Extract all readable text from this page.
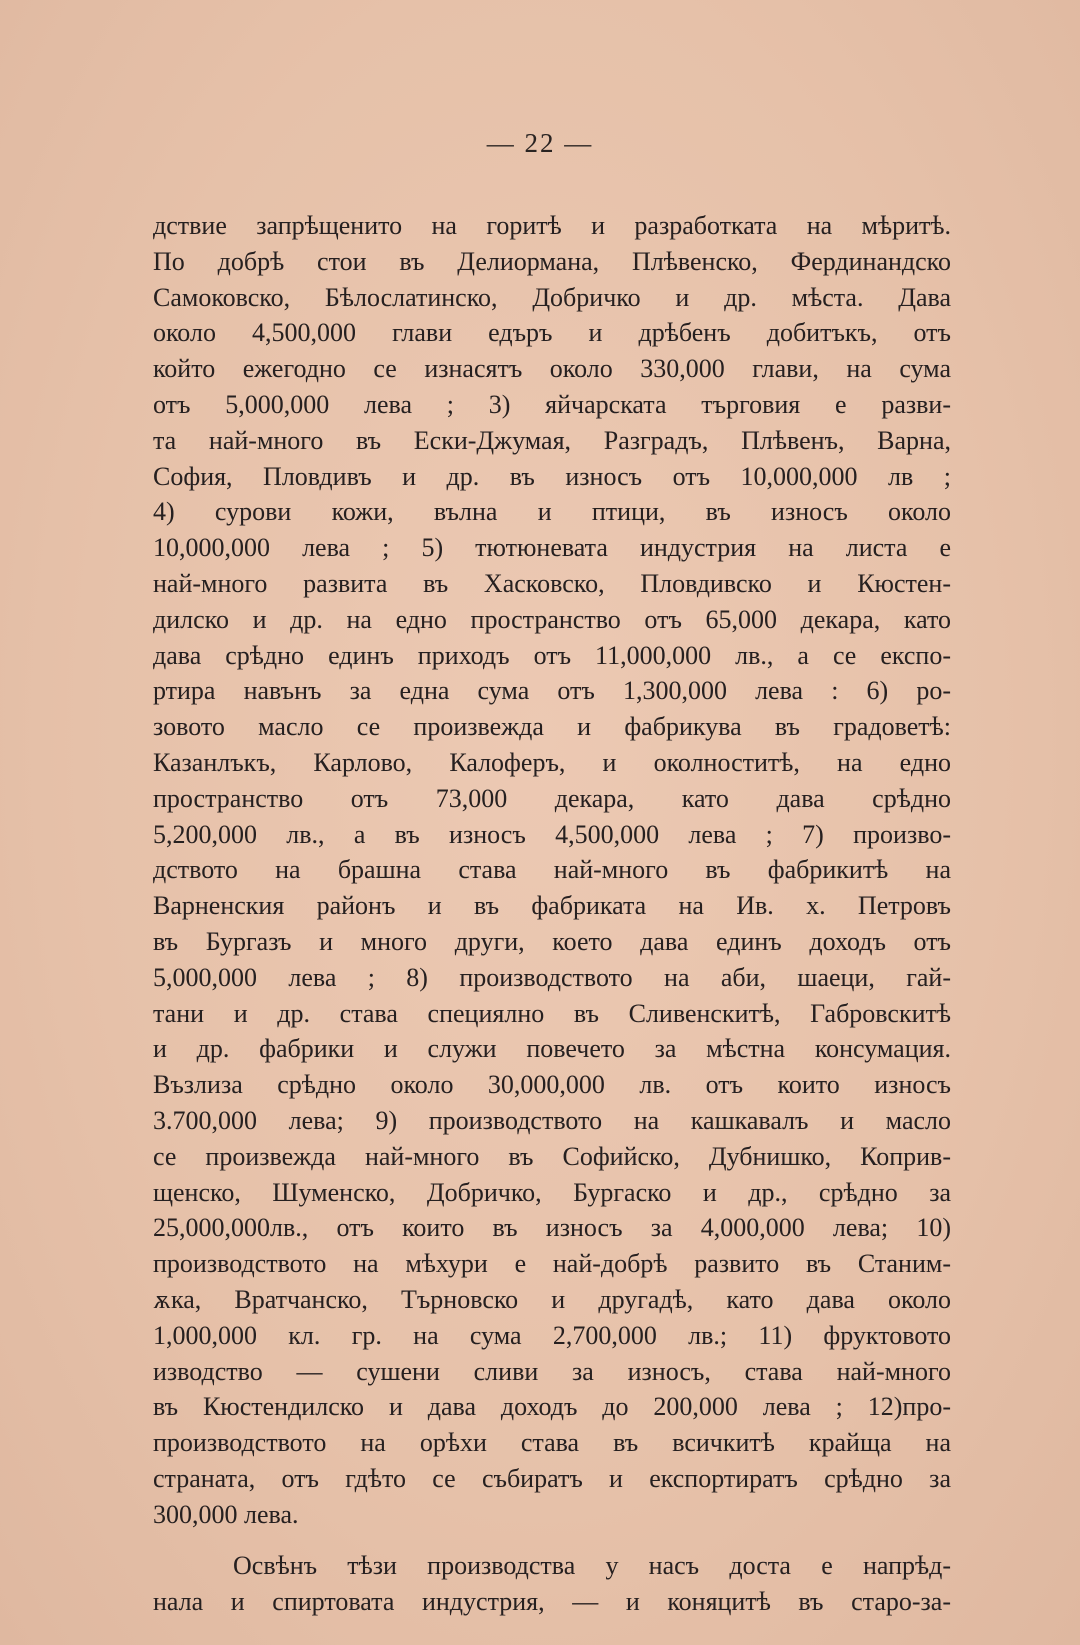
— 22 —
дствие запрѣщенито на горитѣ и разработката на мѣритѣ.
По добрѣ стои въ Делиормана, Плѣвенско, Фердинандско
Самоковско, Бѣлослатинско, Добричко и др. мѣста. Дава
около 4,500,000 глави едъръ и дрѣбенъ добитъкъ, отъ
който ежегодно се изнасятъ около 330,000 глави, на сума
отъ 5,000,000 лева ; 3) яйчарската търговия е разви-
та най-много въ Ески-Джумая, Разградъ, Плѣвенъ, Варна,
София, Пловдивъ и др. въ износъ отъ 10,000,000 лв ;
4) сурови кожи, вълна и птици, въ износъ около
10,000,000 лева ; 5) тютюневата индустрия на листа е
най-много развита въ Хасковско, Пловдивско и Кюстен-
дилско и др. на едно пространство отъ 65,000 декара, като
дава срѣдно единъ приходъ отъ 11,000,000 лв., а се експо-
ртира навънъ за една сума отъ 1,300,000 лева : 6) ро-
зовото масло се произвежда и фабрикува въ градоветѣ:
Казанлъкъ, Карлово, Калоферъ, и околноститѣ, на едно
пространство отъ 73,000 декара, като дава срѣдно
5,200,000 лв., а въ износъ 4,500,000 лева ; 7) произво-
дството на брашна става най-много въ фабрикитѣ на
Варненския районъ и въ фабриката на Ив. х. Петровъ
въ Бургазъ и много други, което дава единъ доходъ отъ
5,000,000 лева ; 8) производството на аби, шаеци, гай-
тани и др. става специялно въ Сливенскитѣ, Габровскитѣ
и др. фабрики и служи повечето за мѣстна консумация.
Възлиза срѣдно около 30,000,000 лв. отъ които износъ
3.700,000 лева; 9) производството на кашкавалъ и масло
се произвежда най-много въ Софийско, Дубнишко, Коприв-
щенско, Шуменско, Добричко, Бургаско и др., срѣдно за
25,000,000лв., отъ които въ износъ за 4,000,000 лева; 10)
производството на мѣхури е най-добрѣ развито въ Станим-
ѫка, Вратчанско, Търновско и другадѣ, като дава около
1,000,000 кл. гр. на сума 2,700,000 лв.; 11) фруктовото
изводство — сушени сливи за износъ, става най-много
въ Кюстендилско и дава доходъ до 200,000 лева ; 12)про-
производството на орѣхи става въ всичкитѣ крайща на
страната, отъ гдѣто се събиратъ и експортиратъ срѣдно за
300,000 лева.
Освѣнъ тѣзи производства у насъ доста е напрѣд-
нала и спиртовата индустрия, — и коняцитѣ въ старо-за-
